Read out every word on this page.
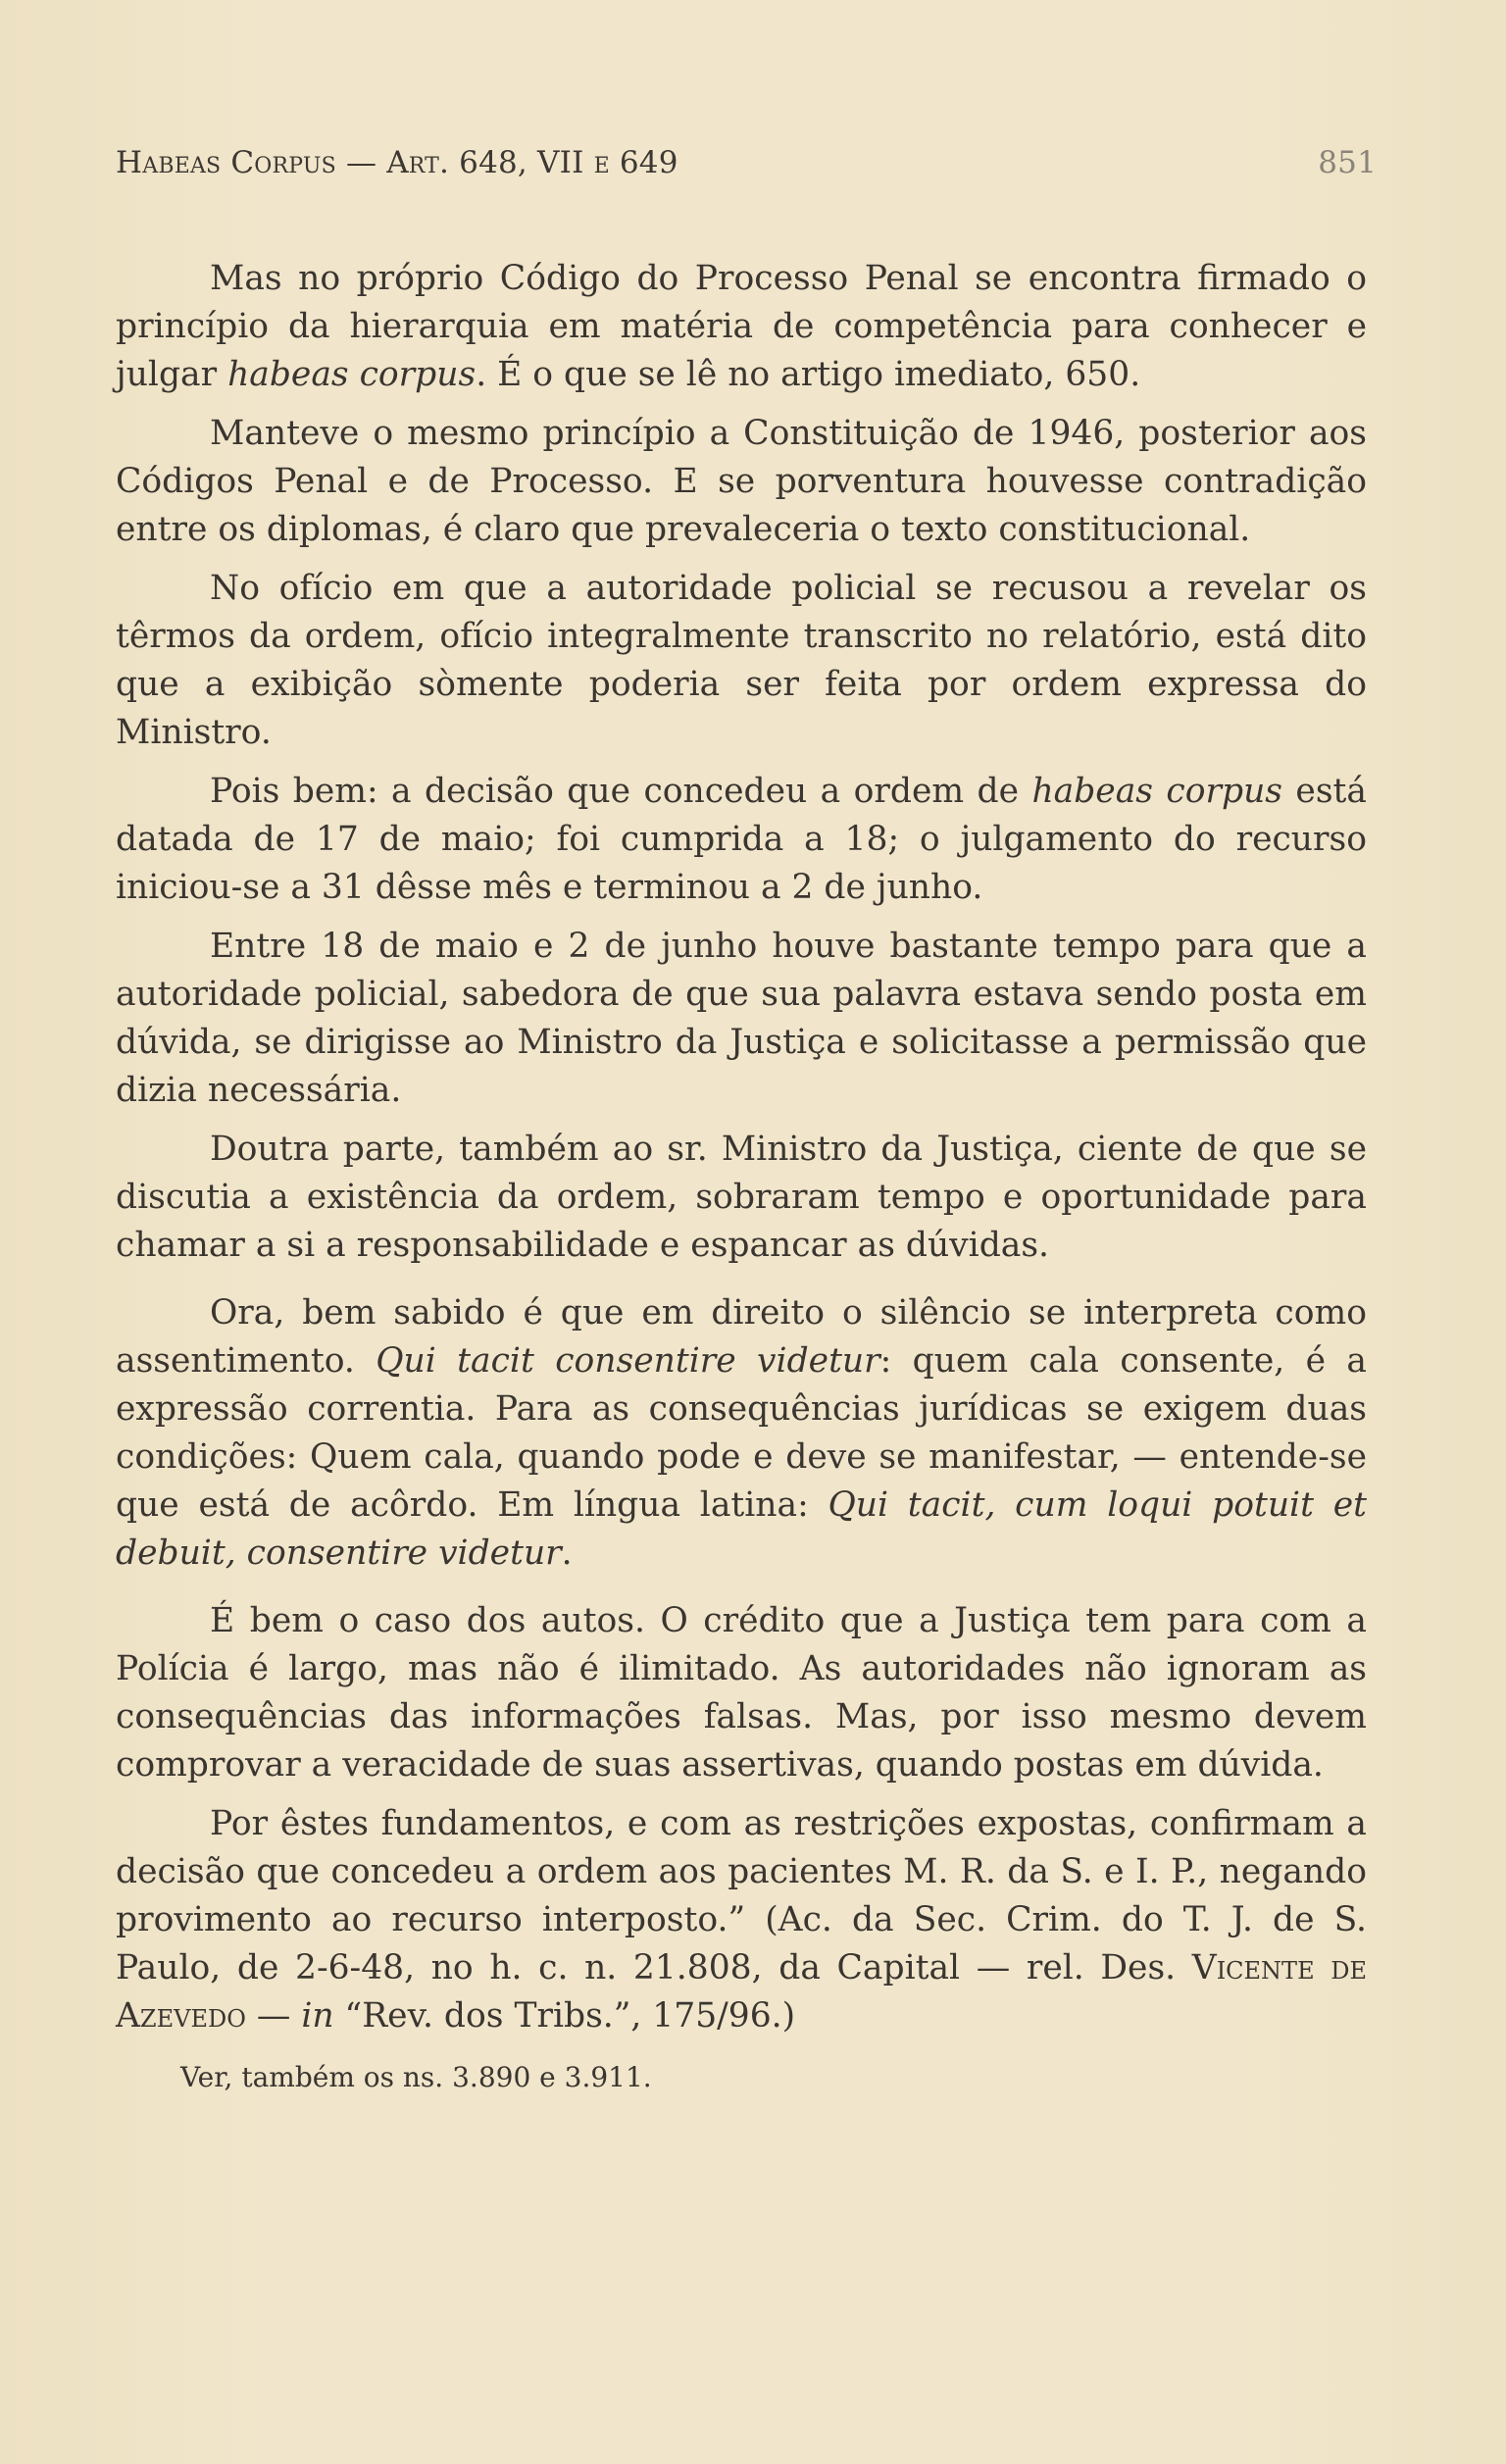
Habeas Corpus — Art. 648, VII e 649	851

Mas no próprio Código do Processo Penal se encontra firmado o princípio da hierarquia em matéria de competência para conhecer e julgar habeas corpus. É o que se lê no artigo imediato, 650.

Manteve o mesmo princípio a Constituição de 1946, posterior aos Códigos Penal e de Processo. E se porventura houvesse contradição entre os diplomas, é claro que prevaleceria o texto constitucional.

No ofício em que a autoridade policial se recusou a revelar os têrmos da ordem, ofício integralmente transcrito no relatório, está dito que a exibição sòmente poderia ser feita por ordem expressa do Ministro.

Pois bem: a decisão que concedeu a ordem de habeas corpus está datada de 17 de maio; foi cumprida a 18; o julgamento do recurso iniciou-se a 31 dêsse mês e terminou a 2 de junho.

Entre 18 de maio e 2 de junho houve bastante tempo para que a autoridade policial, sabedora de que sua palavra estava sendo posta em dúvida, se dirigisse ao Ministro da Justiça e solicitasse a permissão que dizia necessária.

Doutra parte, também ao sr. Ministro da Justiça, ciente de que se discutia a existência da ordem, sobraram tempo e oportunidade para chamar a si a responsabilidade e espancar as dúvidas.

Ora, bem sabido é que em direito o silêncio se interpreta como assentimento. Qui tacit consentire videtur: quem cala consente, é a expressão correntia. Para as consequências jurídicas se exigem duas condições: Quem cala, quando pode e deve se manifestar, — entende-se que está de acôrdo. Em língua latina: Qui tacit, cum loqui potuit et debuit, consentire videtur.

É bem o caso dos autos. O crédito que a Justiça tem para com a Polícia é largo, mas não é ilimitado. As autoridades não ignoram as consequências das informações falsas. Mas, por isso mesmo devem comprovar a veracidade de suas assertivas, quando postas em dúvida.

Por êstes fundamentos, e com as restrições expostas, confirmam a decisão que concedeu a ordem aos pacientes M. R. da S. e I. P., negando provimento ao recurso interposto.” (Ac. da Sec. Crim. do T. J. de S. Paulo, de 2-6-48, no h. c. n. 21.808, da Capital — rel. Des. Vicente de Azevedo — in “Rev. dos Tribs.”, 175/96.)

Ver, também os ns. 3.890 e 3.911.
